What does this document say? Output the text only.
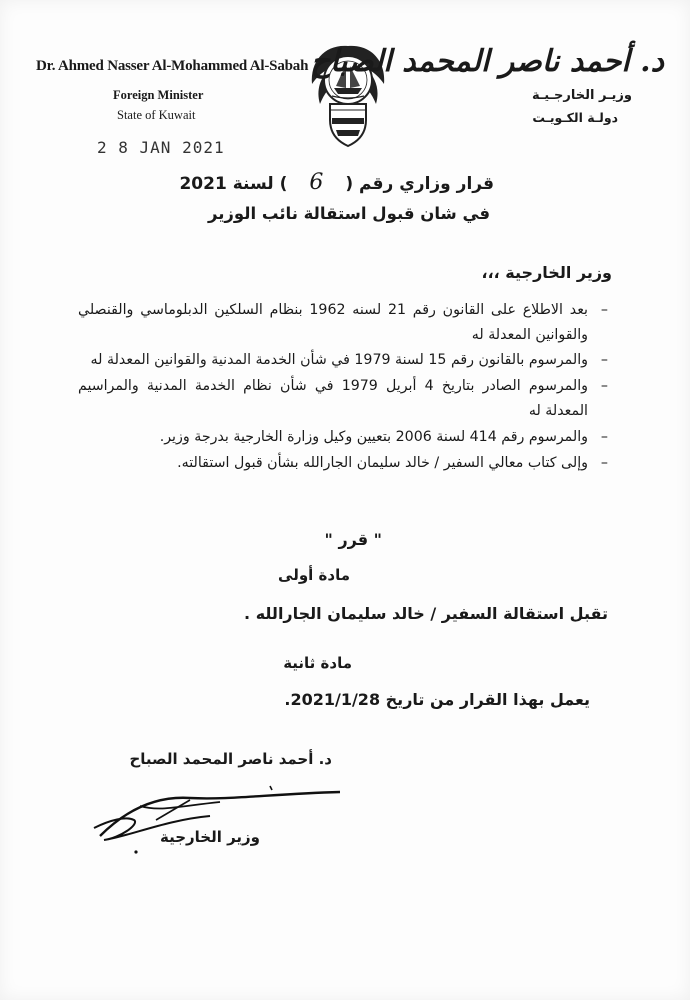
Dr. Ahmed Nasser Al-Mohammed Al-Sabah
Foreign Minister
State of Kuwait
2 8 JAN 2021
د. أحمد ناصر المحمد الصباح
وزيـر الخارجـيـة
دولـة الكـويـت
قرار وزاري رقم (6) لسنة 2021
في شان قبول استقالة نائب الوزير
وزير الخارجية ،،،
–
بعد الاطلاع على القانون رقم 21 لسنه 1962 بنظام السلكين الدبلوماسي والقنصلي والقوانين المعدلة له
–
والمرسوم بالقانون رقم 15 لسنة 1979 في شأن الخدمة المدنية والقوانين المعدلة له
–
والمرسوم الصادر بتاريخ 4 أبريل 1979 في شأن نظام الخدمة المدنية والمراسيم المعدلة له
–
والمرسوم رقم 414 لسنة 2006 بتعيين وكيل وزارة الخارجية بدرجة وزير.
–
وإلى كتاب معالي السفير / خالد سليمان الجارالله بشأن قبول استقالته.
" قرر "
مادة أولى
تقبل استقالة السفير / خالد سليمان الجارالله .
مادة ثانية
يعمل بهذا القرار من تاريخ 2021/1/28.
د. أحمد ناصر المحمد الصباح
وزير الخارجية
